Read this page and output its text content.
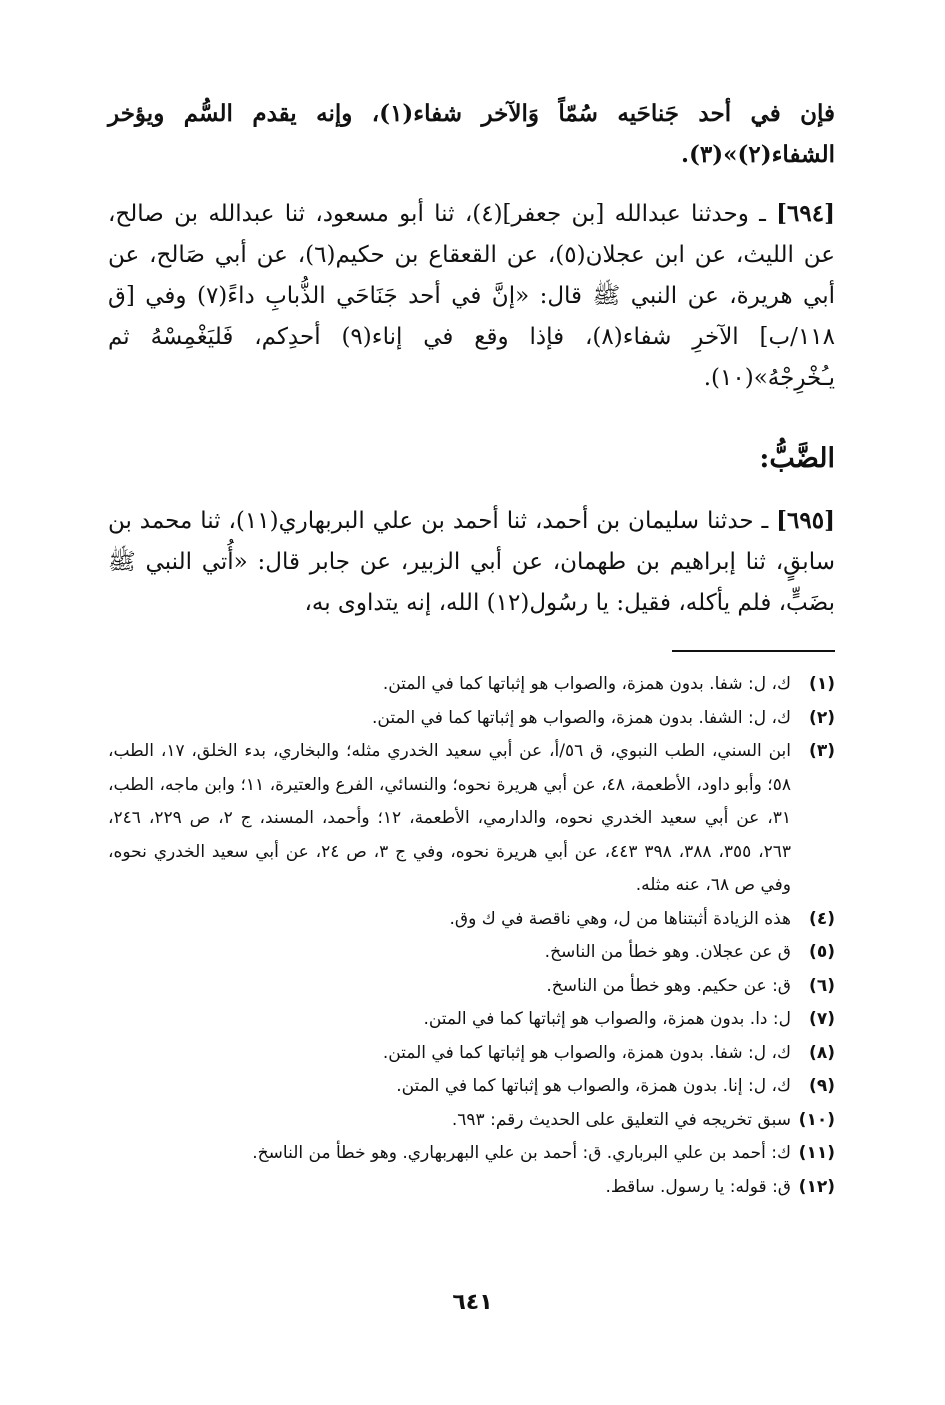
فإن في أحد جَناحَيه سُمّاً وَالآخر شفاء(١)، وإنه يقدم السُّم ويؤخر الشفاء(٢)»(٣).

[٦٩٤] ـ وحدثنا عبدالله [بن جعفر](٤)، ثنا أبو مسعود، ثنا عبدالله بن صالح، عن الليث، عن ابن عجلان(٥)، عن القعقاع بن حكيم(٦)، عن أبي صَالح، عن أبي هريرة، عن النبي ﷺ قال: «إنَّ في أحد جَنَاحَي الذُّبابِ داءً(٧) وفي [ق ١١٨/ب] الآخرِ شفاء(٨)، فإذا وقع في إناء(٩) أحدِكم، فَليَغْمِسْهُ ثم يـُخْرِجْهُ»(١٠).

الضَّبُّ:

[٦٩٥] ـ حدثنا سليمان بن أحمد، ثنا أحمد بن علي البربهاري(١١)، ثنا محمد بن سابقٍ، ثنا إبراهيم بن طهمان، عن أبي الزبير، عن جابر قال: «أُتي النبي ﷺ بضَبٍّ، فلم يأكله، فقيل: يا رسُول(١٢) الله، إنه يتداوى به،

(١)
ك، ل: شفا. بدون همزة، والصواب هو إثباتها كما في المتن.
(٢)
ك، ل: الشفا. بدون همزة، والصواب هو إثباتها كما في المتن.
(٣)
ابن السني، الطب النبوي، ق ٥٦/أ، عن أبي سعيد الخدري مثله؛ والبخاري، بدء الخلق، ١٧، الطب، ٥٨؛ وأبو داود، الأطعمة، ٤٨، عن أبي هريرة نحوه؛ والنسائي، الفرع والعتيرة، ١١؛ وابن ماجه، الطب، ٣١، عن أبي سعيد الخدري نحوه، والدارمي، الأطعمة، ١٢؛ وأحمد، المسند، ج ٢، ص ٢٢٩، ٢٤٦، ٢٦٣، ٣٥٥، ٣٨٨، ٣٩٨ ٤٤٣، عن أبي هريرة نحوه، وفي ج ٣، ص ٢٤، عن أبي سعيد الخدري نحوه، وفي ص ٦٨، عنه مثله.
(٤)
هذه الزيادة أثبتناها من ل، وهي ناقصة في ك وق.
(٥)
ق عن عجلان. وهو خطأ من الناسخ.
(٦)
ق: عن حكيم. وهو خطأ من الناسخ.
(٧)
ل: دا. بدون همزة، والصواب هو إثباتها كما في المتن.
(٨)
ك، ل: شفا. بدون همزة، والصواب هو إثباتها كما في المتن.
(٩)
ك، ل: إنا. بدون همزة، والصواب هو إثباتها كما في المتن.
(١٠)
سبق تخريجه في التعليق على الحديث رقم: ٦٩٣.
(١١)
ك: أحمد بن علي البرباري. ق: أحمد بن علي البهربهاري. وهو خطأ من الناسخ.
(١٢)
ق: قوله: يا رسول. ساقط.
٦٤١
